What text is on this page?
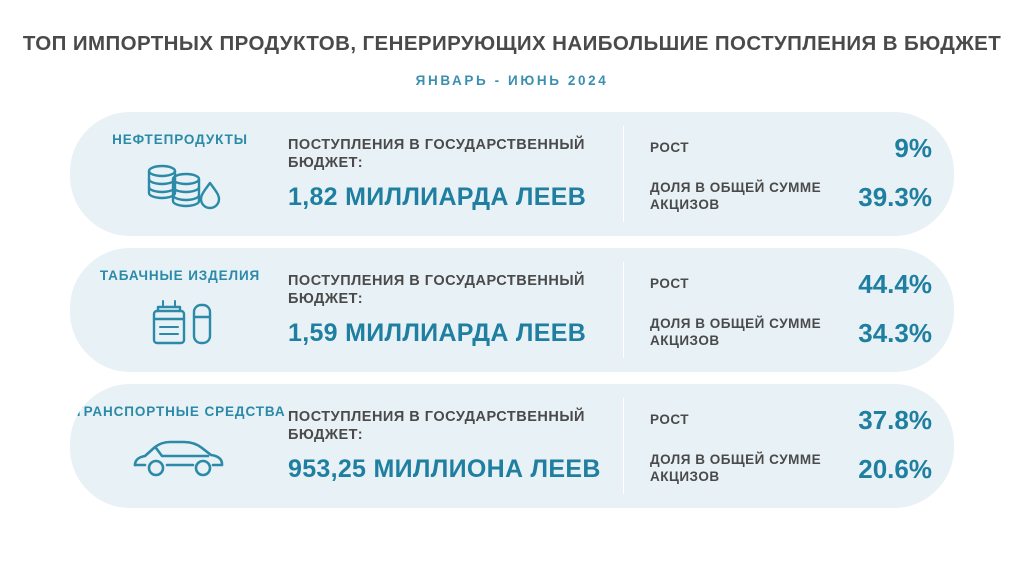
ТОП ИМПОРТНЫХ ПРОДУКТОВ, ГЕНЕРИРУЮЩИХ НАИБОЛЬШИЕ ПОСТУПЛЕНИЯ В БЮДЖЕТ
ЯНВАРЬ - ИЮНЬ 2024
НЕФТЕПРОДУКТЫ	ПОСТУПЛЕНИЯ В ГОСУДАРСТВЕННЫЙ БЮДЖЕТ:
1,82 МИЛЛИАРДА ЛЕЕВ
РОСТ	9%
ДОЛЯ В ОБЩЕЙ СУММЕ АКЦИЗОВ	39.3%
ТАБАЧНЫЕ ИЗДЕЛИЯ ПОСТУПЛЕНИЯ В ГОСУДАРСТВЕННЫЙ БЮДЖЕТ:
1,59 МИЛЛИАРДА ЛЕЕВ
РОСТ	44.4%
ДОЛЯ В ОБЩЕЙ СУММЕ АКЦИЗОВ	34.3%
ТРАНСПОРТНЫЕ СРЕДСТВА ПОСТУПЛЕНИЯ В ГОСУДАРСТВЕННЫЙ БЮДЖЕТ:
953,25 МИЛЛИОНА ЛЕЕВ
РОСТ	37.8%
ДОЛЯ В ОБЩЕЙ СУММЕ АКЦИЗОВ	20.6%
